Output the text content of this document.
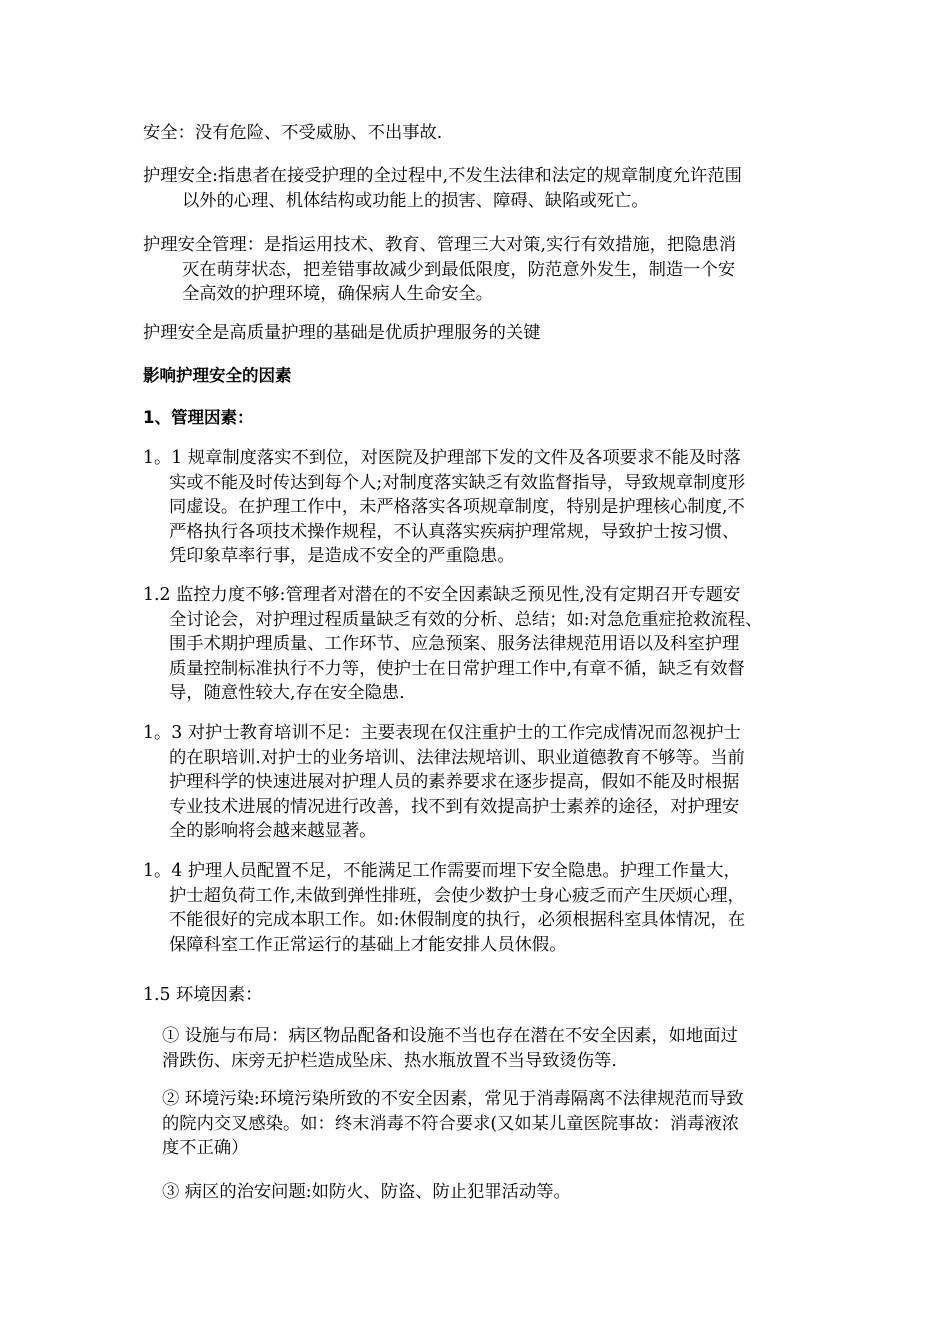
安全：没有危险、不受威胁、不出事故.
护理安全:指患者在接受护理的全过程中,不发生法律和法定的规章制度允许范围
以外的心理、机体结构或功能上的损害、障碍、缺陷或死亡。
护理安全管理：是指运用技术、教育、管理三大对策,实行有效措施，把隐患消
灭在萌芽状态，把差错事故减少到最低限度，防范意外发生，制造一个安
全高效的护理环境，确保病人生命安全。
护理安全是高质量护理的基础是优质护理服务的关键
影响护理安全的因素
1、管理因素：
1。1 规章制度落实不到位，对医院及护理部下发的文件及各项要求不能及时落
实或不能及时传达到每个人;对制度落实缺乏有效监督指导，导致规章制度形
同虚设。在护理工作中，未严格落实各项规章制度，特别是护理核心制度,不
严格执行各项技术操作规程，不认真落实疾病护理常规，导致护士按习惯、
凭印象草率行事，是造成不安全的严重隐患。
1.2 监控力度不够:管理者对潜在的不安全因素缺乏预见性,没有定期召开专题安
全讨论会，对护理过程质量缺乏有效的分析、总结；如:对急危重症抢救流程、
围手术期护理质量、工作环节、应急预案、服务法律规范用语以及科室护理
质量控制标准执行不力等，使护士在日常护理工作中,有章不循，缺乏有效督
导，随意性较大,存在安全隐患.
1。3 对护士教育培训不足：主要表现在仅注重护士的工作完成情况而忽视护士
的在职培训.对护士的业务培训、法律法规培训、职业道德教育不够等。当前
护理科学的快速进展对护理人员的素养要求在逐步提高，假如不能及时根据
专业技术进展的情况进行改善，找不到有效提高护士素养的途径，对护理安
全的影响将会越来越显著。
1。4 护理人员配置不足，不能满足工作需要而埋下安全隐患。护理工作量大，
护士超负荷工作,未做到弹性排班，会使少数护士身心疲乏而产生厌烦心理，
不能很好的完成本职工作。如:休假制度的执行，必须根据科室具体情况，在
保障科室工作正常运行的基础上才能安排人员休假。
1.5 环境因素：
① 设施与布局：病区物品配备和设施不当也存在潜在不安全因素，如地面过
滑跌伤、床旁无护栏造成坠床、热水瓶放置不当导致烫伤等.
② 环境污染:环境污染所致的不安全因素，常见于消毒隔离不法律规范而导致
的院内交叉感染。如：终末消毒不符合要求(又如某儿童医院事故：消毒液浓
度不正确）
③ 病区的治安问题:如防火、防盗、防止犯罪活动等。
